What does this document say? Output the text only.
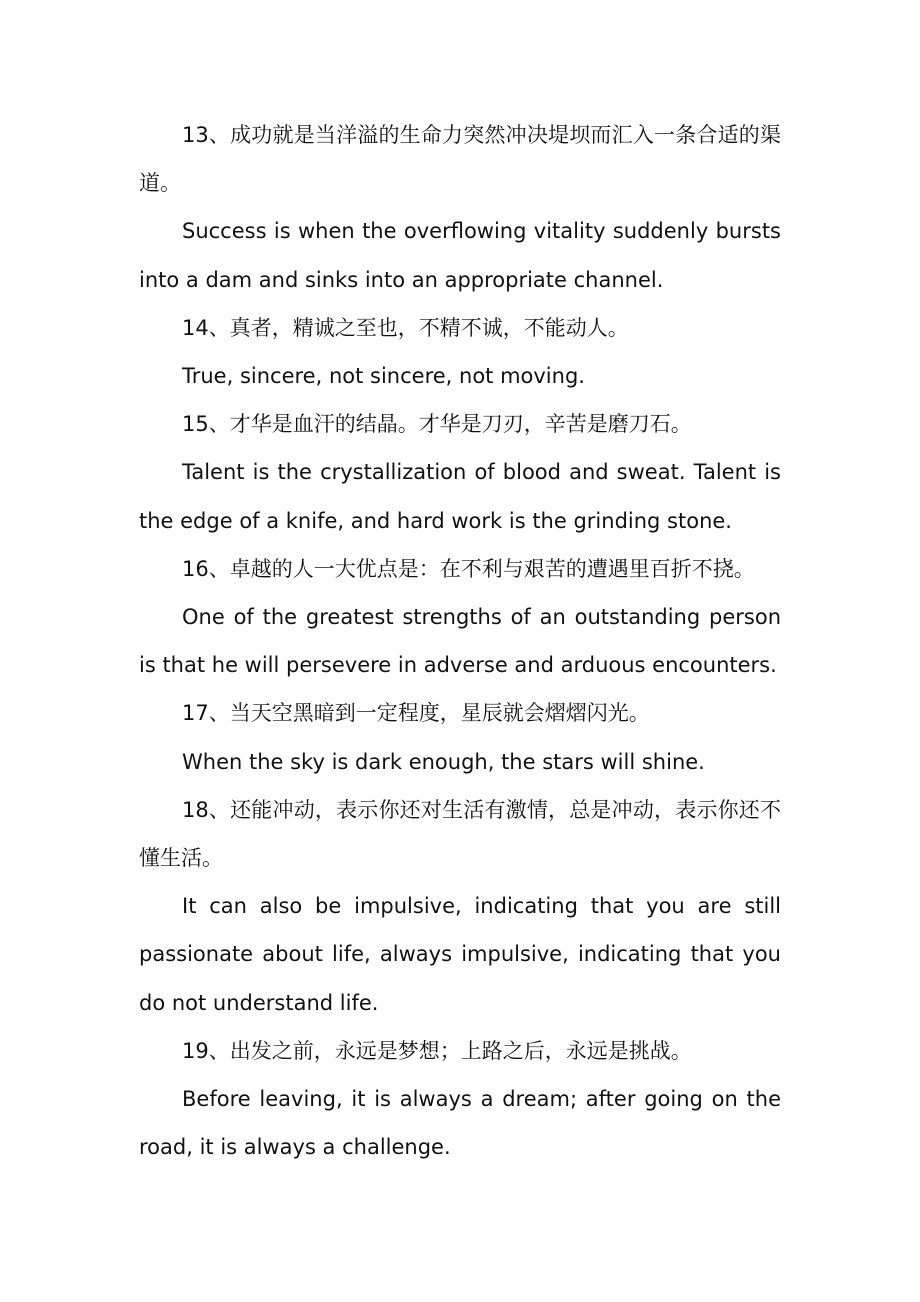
13、成功就是当洋溢的生命力突然冲决堤坝而汇入一条合适的渠道。

Success is when the overflowing vitality suddenly bursts into a dam and sinks into an appropriate channel.

14、真者，精诚之至也，不精不诚，不能动人。

True, sincere, not sincere, not moving.

15、才华是血汗的结晶。才华是刀刃，辛苦是磨刀石。

Talent is the crystallization of blood and sweat. Talent is the edge of a knife, and hard work is the grinding stone.

16、卓越的人一大优点是：在不利与艰苦的遭遇里百折不挠。

One of the greatest strengths of an outstanding person is that he will persevere in adverse and arduous encounters.

17、当天空黑暗到一定程度，星辰就会熠熠闪光。

When the sky is dark enough, the stars will shine.

18、还能冲动，表示你还对生活有激情，总是冲动，表示你还不懂生活。

It can also be impulsive, indicating that you are still passionate about life, always impulsive, indicating that you do not understand life.

19、出发之前，永远是梦想；上路之后，永远是挑战。

Before leaving, it is always a dream; after going on the road, it is always a challenge.
